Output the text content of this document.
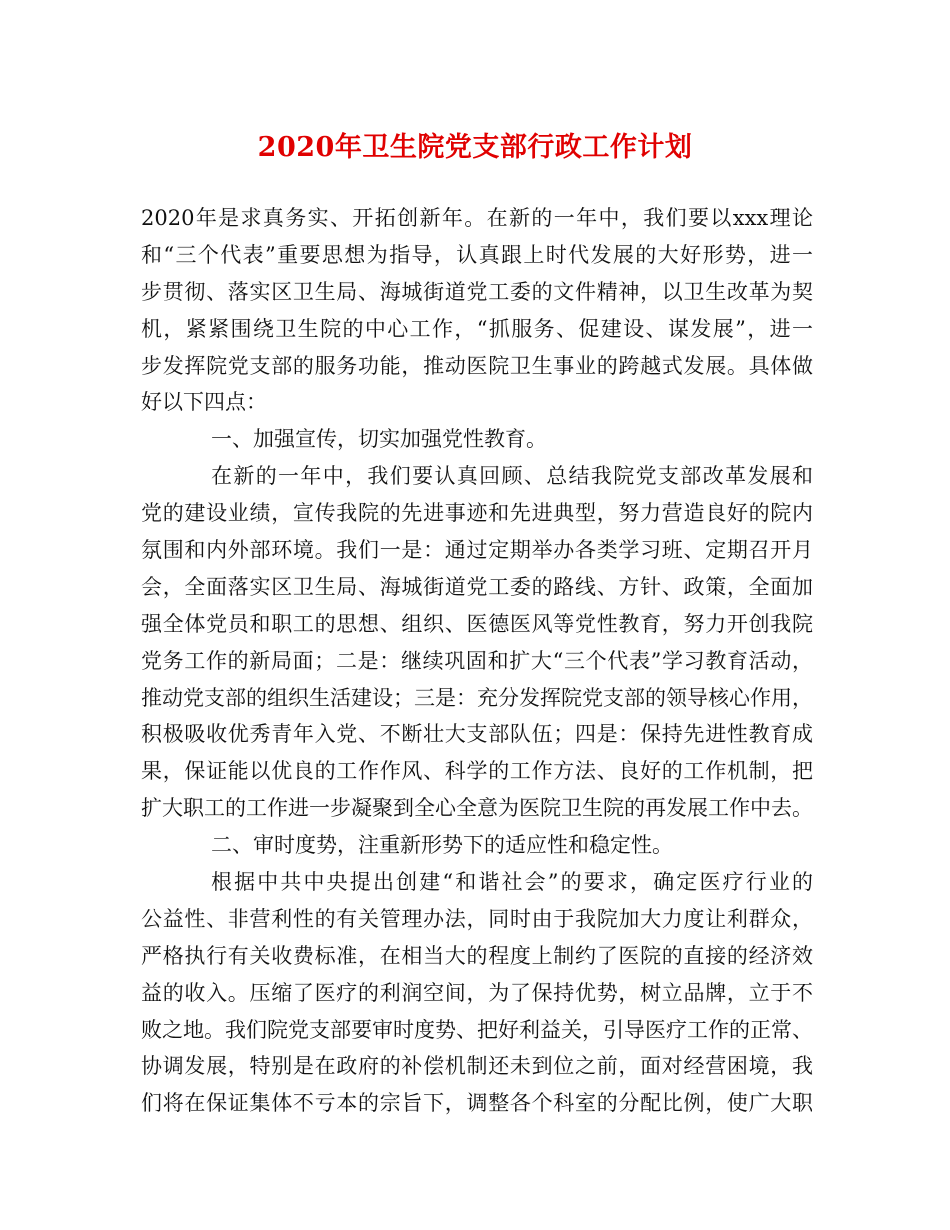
2020年卫生院党支部行政工作计划
2020年是求真务实、开拓创新年。在新的一年中，我们要以xxx理论
和“三个代表”重要思想为指导，认真跟上时代发展的大好形势，进一
步贯彻、落实区卫生局、海城街道党工委的文件精神，以卫生改革为契
机，紧紧围绕卫生院的中心工作，“抓服务、促建设、谋发展”，进一
步发挥院党支部的服务功能，推动医院卫生事业的跨越式发展。具体做
好以下四点：
一、加强宣传，切实加强党性教育。
在新的一年中，我们要认真回顾、总结我院党支部改革发展和
党的建设业绩，宣传我院的先进事迹和先进典型，努力营造良好的院内
氛围和内外部环境。我们一是：通过定期举办各类学习班、定期召开月
会，全面落实区卫生局、海城街道党工委的路线、方针、政策，全面加
强全体党员和职工的思想、组织、医德医风等党性教育，努力开创我院
党务工作的新局面；二是：继续巩固和扩大“三个代表”学习教育活动，
推动党支部的组织生活建设；三是：充分发挥院党支部的领导核心作用，
积极吸收优秀青年入党、不断壮大支部队伍；四是：保持先进性教育成
果，保证能以优良的工作作风、科学的工作方法、良好的工作机制，把
扩大职工的工作进一步凝聚到全心全意为医院卫生院的再发展工作中去。
二、审时度势，注重新形势下的适应性和稳定性。
根据中共中央提出创建“和谐社会”的要求，确定医疗行业的
公益性、非营利性的有关管理办法，同时由于我院加大力度让利群众，
严格执行有关收费标准，在相当大的程度上制约了医院的直接的经济效
益的收入。压缩了医疗的利润空间，为了保持优势，树立品牌，立于不
败之地。我们院党支部要审时度势、把好利益关，引导医疗工作的正常、
协调发展，特别是在政府的补偿机制还未到位之前，面对经营困境，我
们将在保证集体不亏本的宗旨下，调整各个科室的分配比例，使广大职
